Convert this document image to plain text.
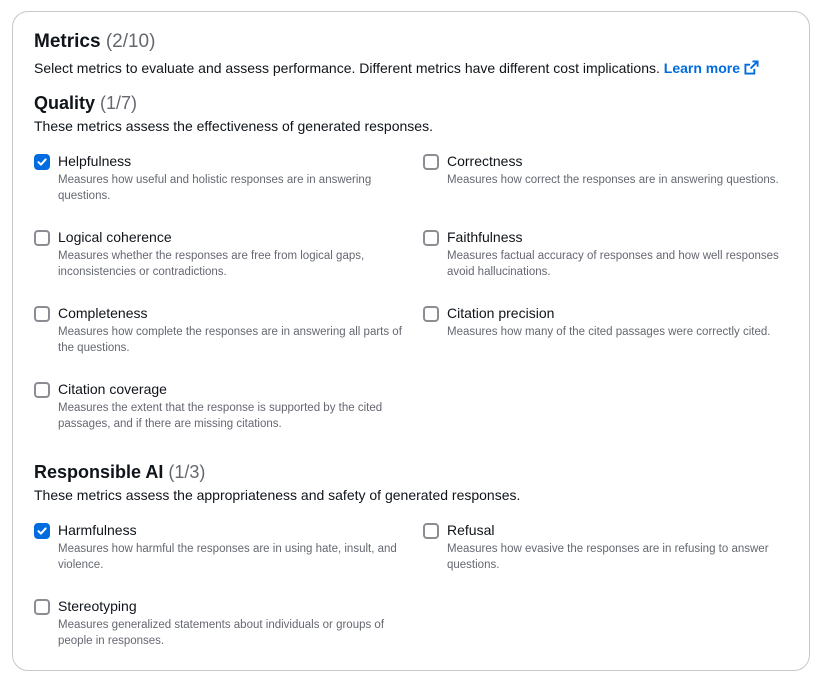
Metrics (2/10)
Select metrics to evaluate and assess performance. Different metrics have different cost implications. Learn more
Quality (1/7)
These metrics assess the effectiveness of generated responses.
Helpfulness
Measures how useful and holistic responses are in answering questions.
Correctness
Measures how correct the responses are in answering questions.
Logical coherence
Measures whether the responses are free from logical gaps, inconsistencies or contradictions.
Faithfulness
Measures factual accuracy of responses and how well responses avoid hallucinations.
Completeness
Measures how complete the responses are in answering all parts of the questions.
Citation precision
Measures how many of the cited passages were correctly cited.
Citation coverage
Measures the extent that the response is supported by the cited passages, and if there are missing citations.
Responsible AI (1/3)
These metrics assess the appropriateness and safety of generated responses.
Harmfulness
Measures how harmful the responses are in using hate, insult, and violence.
Refusal
Measures how evasive the responses are in refusing to answer questions.
Stereotyping
Measures generalized statements about individuals or groups of people in responses.
